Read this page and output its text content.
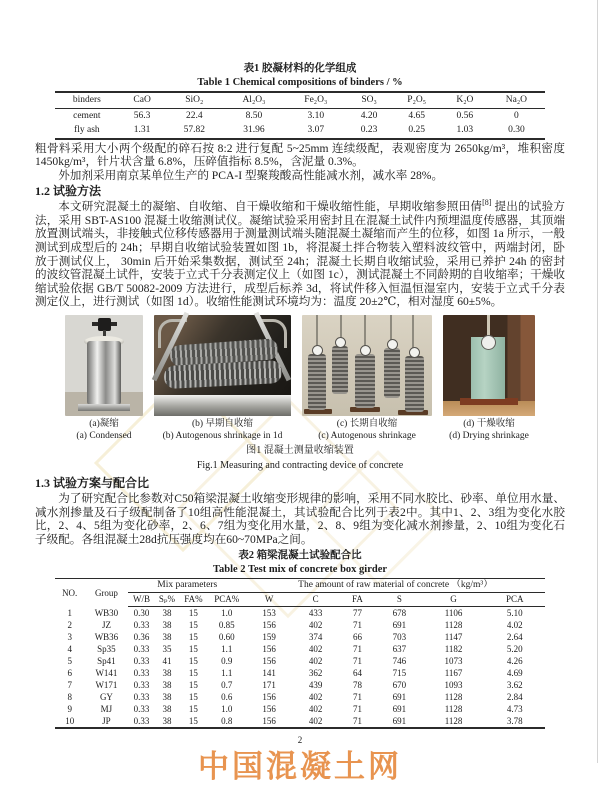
表1 胶凝材料的化学组成

Table 1 Chemical compositions of binders / %

binders	CaO	SiO₂	Al₂O₃	Fe₂O₃	SO₃	P₂O₅	K₂O	Na₂O
cement	56.3	22.4	8.50	3.10	4.20	4.65	0.56	0
fly ash	1.31	57.82	31.96	3.07	0.23	0.25	1.03	0.30

粗骨料采用大小两个级配的碎石按 8:2 进行复配 5~25mm 连续级配，表观密度为 2650kg/m³，堆积密度 1450kg/m³，针片状含量 6.8%，压碎值指标 8.5%，含泥量 0.3%。

外加剂采用南京某单位生产的 PCA-I 型聚羧酸高性能减水剂，减水率 28%。

1.2 试验方法

本文研究混凝土的凝缩、自收缩、自干燥收缩和干燥收缩性能，早期收缩参照田倩[8] 提出的试验方法，采用 SBT-AS100 混凝土收缩测试仪。凝缩试验采用密封且在混凝土试件内预埋温度传感器，其顶端放置测试端头，非接触式位移传感器用于测量测试端头随混凝土凝缩而产生的位移，如图 1a 所示，一般测试到成型后的 24h；早期自收缩试验装置如图 1b，将混凝土拌合物装入塑料波纹管中，两端封闭，卧放于测试仪上， 30min 后开始采集数据，测试至 24h；混凝土长期自收缩试验，采用已养护 24h 的密封的波纹管混凝土试件，安装于立式千分表测定仪上（如图 1c），测试混凝土不同龄期的自收缩率；干燥收缩试验依据 GB/T 50082-2009 方法进行，成型后标养 3d，将试件移入恒温恒湿室内，安装于立式千分表测定仪上，进行测试（如图 1d）。收缩性能测试环境均为：温度 20±2℃，相对湿度 60±5%。

(a)凝缩
(a) Condensed
(b) 早期自收缩
(b) Autogenous shrinkage in 1d
(c) 长期自收缩
(c) Autogenous shrinkage
(d) 干燥收缩
(d) Drying shrinkage

图1 混凝土测量收缩装置

Fig.1 Measuring and contracting device of concrete

1.3 试验方案与配合比

为了研究配合比参数对C50箱梁混凝土收缩变形规律的影响，采用不同水胶比、砂率、单位用水量、减水剂掺量及石子级配制备了10组高性能混凝土，其试验配合比列于表2中。其中1、2、3组为变化水胶比，2、4、5组为变化砂率，2、6、7组为变化用水量，2、8、9组为变化减水剂掺量，2、10组为变化石子级配。各组混凝土28d抗压强度均在60~70MPa之间。

表2 箱梁混凝土试验配合比

Table 2 Test mix of concrete box girder

NO.	Group	Mix parameters				The amount of raw material of concrete （kg/m³）					
		W/B	Sₚ%	FA%	PCA%	W	C	FA	S	G	PCA
1	WB30	0.30	38	15	1.0	153	433	77	678	1106	5.10
2	JZ	0.33	38	15	0.85	156	402	71	691	1128	4.02
3	WB36	0.36	38	15	0.60	159	374	66	703	1147	2.64
4	Sp35	0.33	35	15	1.1	156	402	71	637	1182	5.20
5	Sp41	0.33	41	15	0.9	156	402	71	746	1073	4.26
6	W141	0.33	38	15	1.1	141	362	64	715	1167	4.69
7	W171	0.33	38	15	0.7	171	439	78	670	1093	3.62
8	GY	0.33	38	15	0.6	156	402	71	691	1128	2.84
9	MJ	0.33	38	15	1.0	156	402	71	691	1128	4.73
10	JP	0.33	38	15	0.8	156	402	71	691	1128	3.78
2
中国混凝土网
